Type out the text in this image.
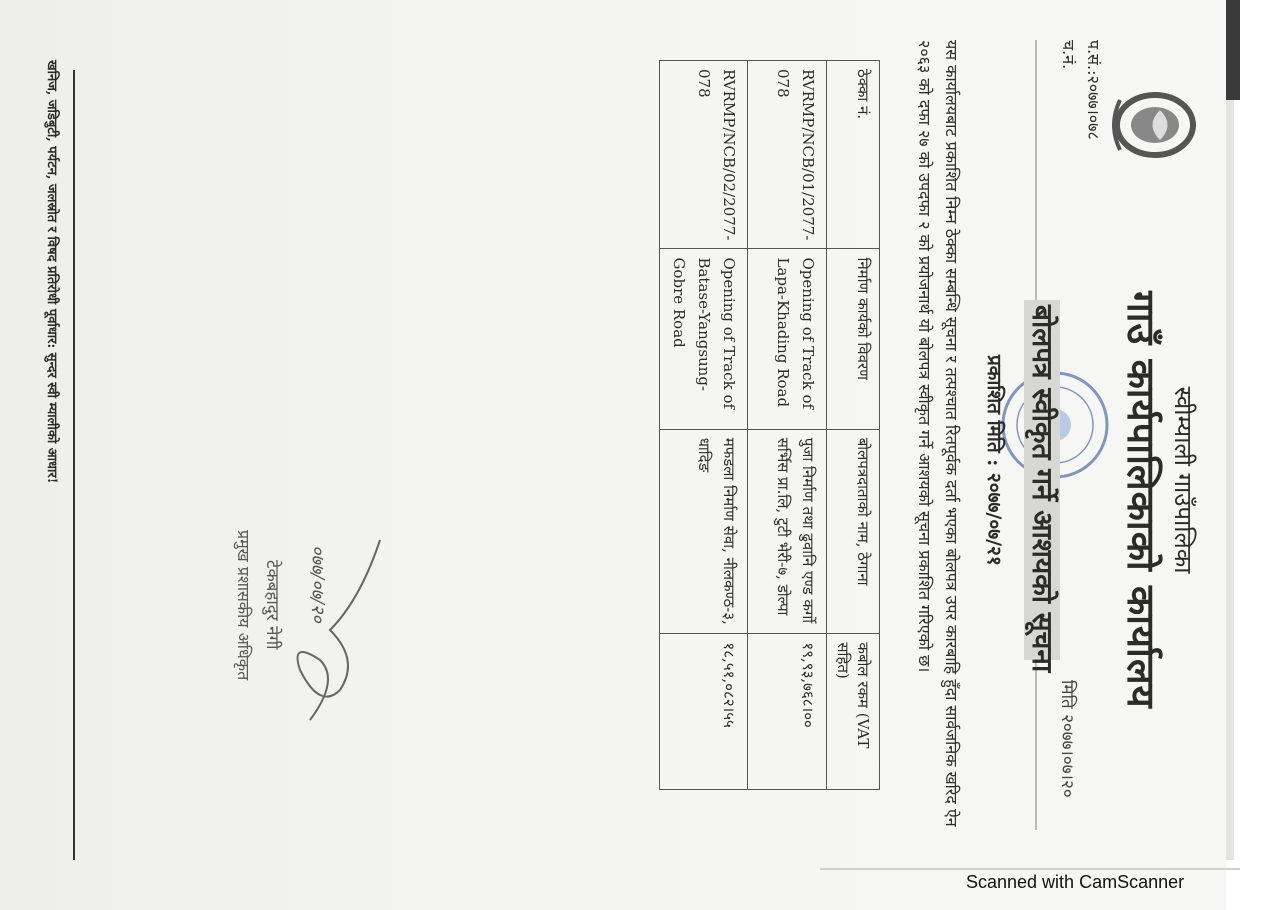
स्वीम्याली गाउँपालिका
गाउँ कार्यपालिकाको कार्यालय
प.सं.:२०७७।०७८
च.नं.
मिति २०७७।०७।२०
बोलपत्र स्वीकृत गर्ने आशयको सूचना
प्रकाशित मिति : २०७७/०७/२१
यस कार्यालयबाट प्रकाशित निम्न ठेक्का सम्बन्धि सूचना र तत्पश्चात रितपूर्वक दर्ता भएका बोलपत्र उपर कारबाहि हुँदा सार्वजनिक खरिद ऐन २०६३ को दफा २७ को उपदफा २ को प्रयोजनार्थ यो बोलपत्र स्वीकृत गर्ने आशयको सूचना प्रकाशित गरिएको छ।
ठेक्का नं.	निर्माण कार्यको विवरण	बोलपत्रदाताको नाम, ठेगाना	कबोल रकम (VAT सहित)
RVRMP/NCB/01/2077-078	Opening of Track of Lapa-Khading Road	पुजा निर्माण तथा ढुवानि एण्ड कर्गो सर्भिस प्रा.लि, टुटी भेरी-७, डोल्पा	१९,९३,७६८।००
RVRMP/NCB/02/2077-078	Opening of Track of Batase-Yangsung-Gobre Road	मफडला निर्माण सेवा, नीलकण्ठ-३, धादिङ	१८,५१,०८२।५५
०७७/०७/२०
टेकबहादुर नेगी
प्रमुख प्रशासकीय अधिकृत
खनिज, जडिबुटी, पर्यटन, जलस्रोत र विषद प्रतिरोधी पूर्वाधार: सुन्दर स्वी म्यालीको आधार!
Scanned with CamScanner
